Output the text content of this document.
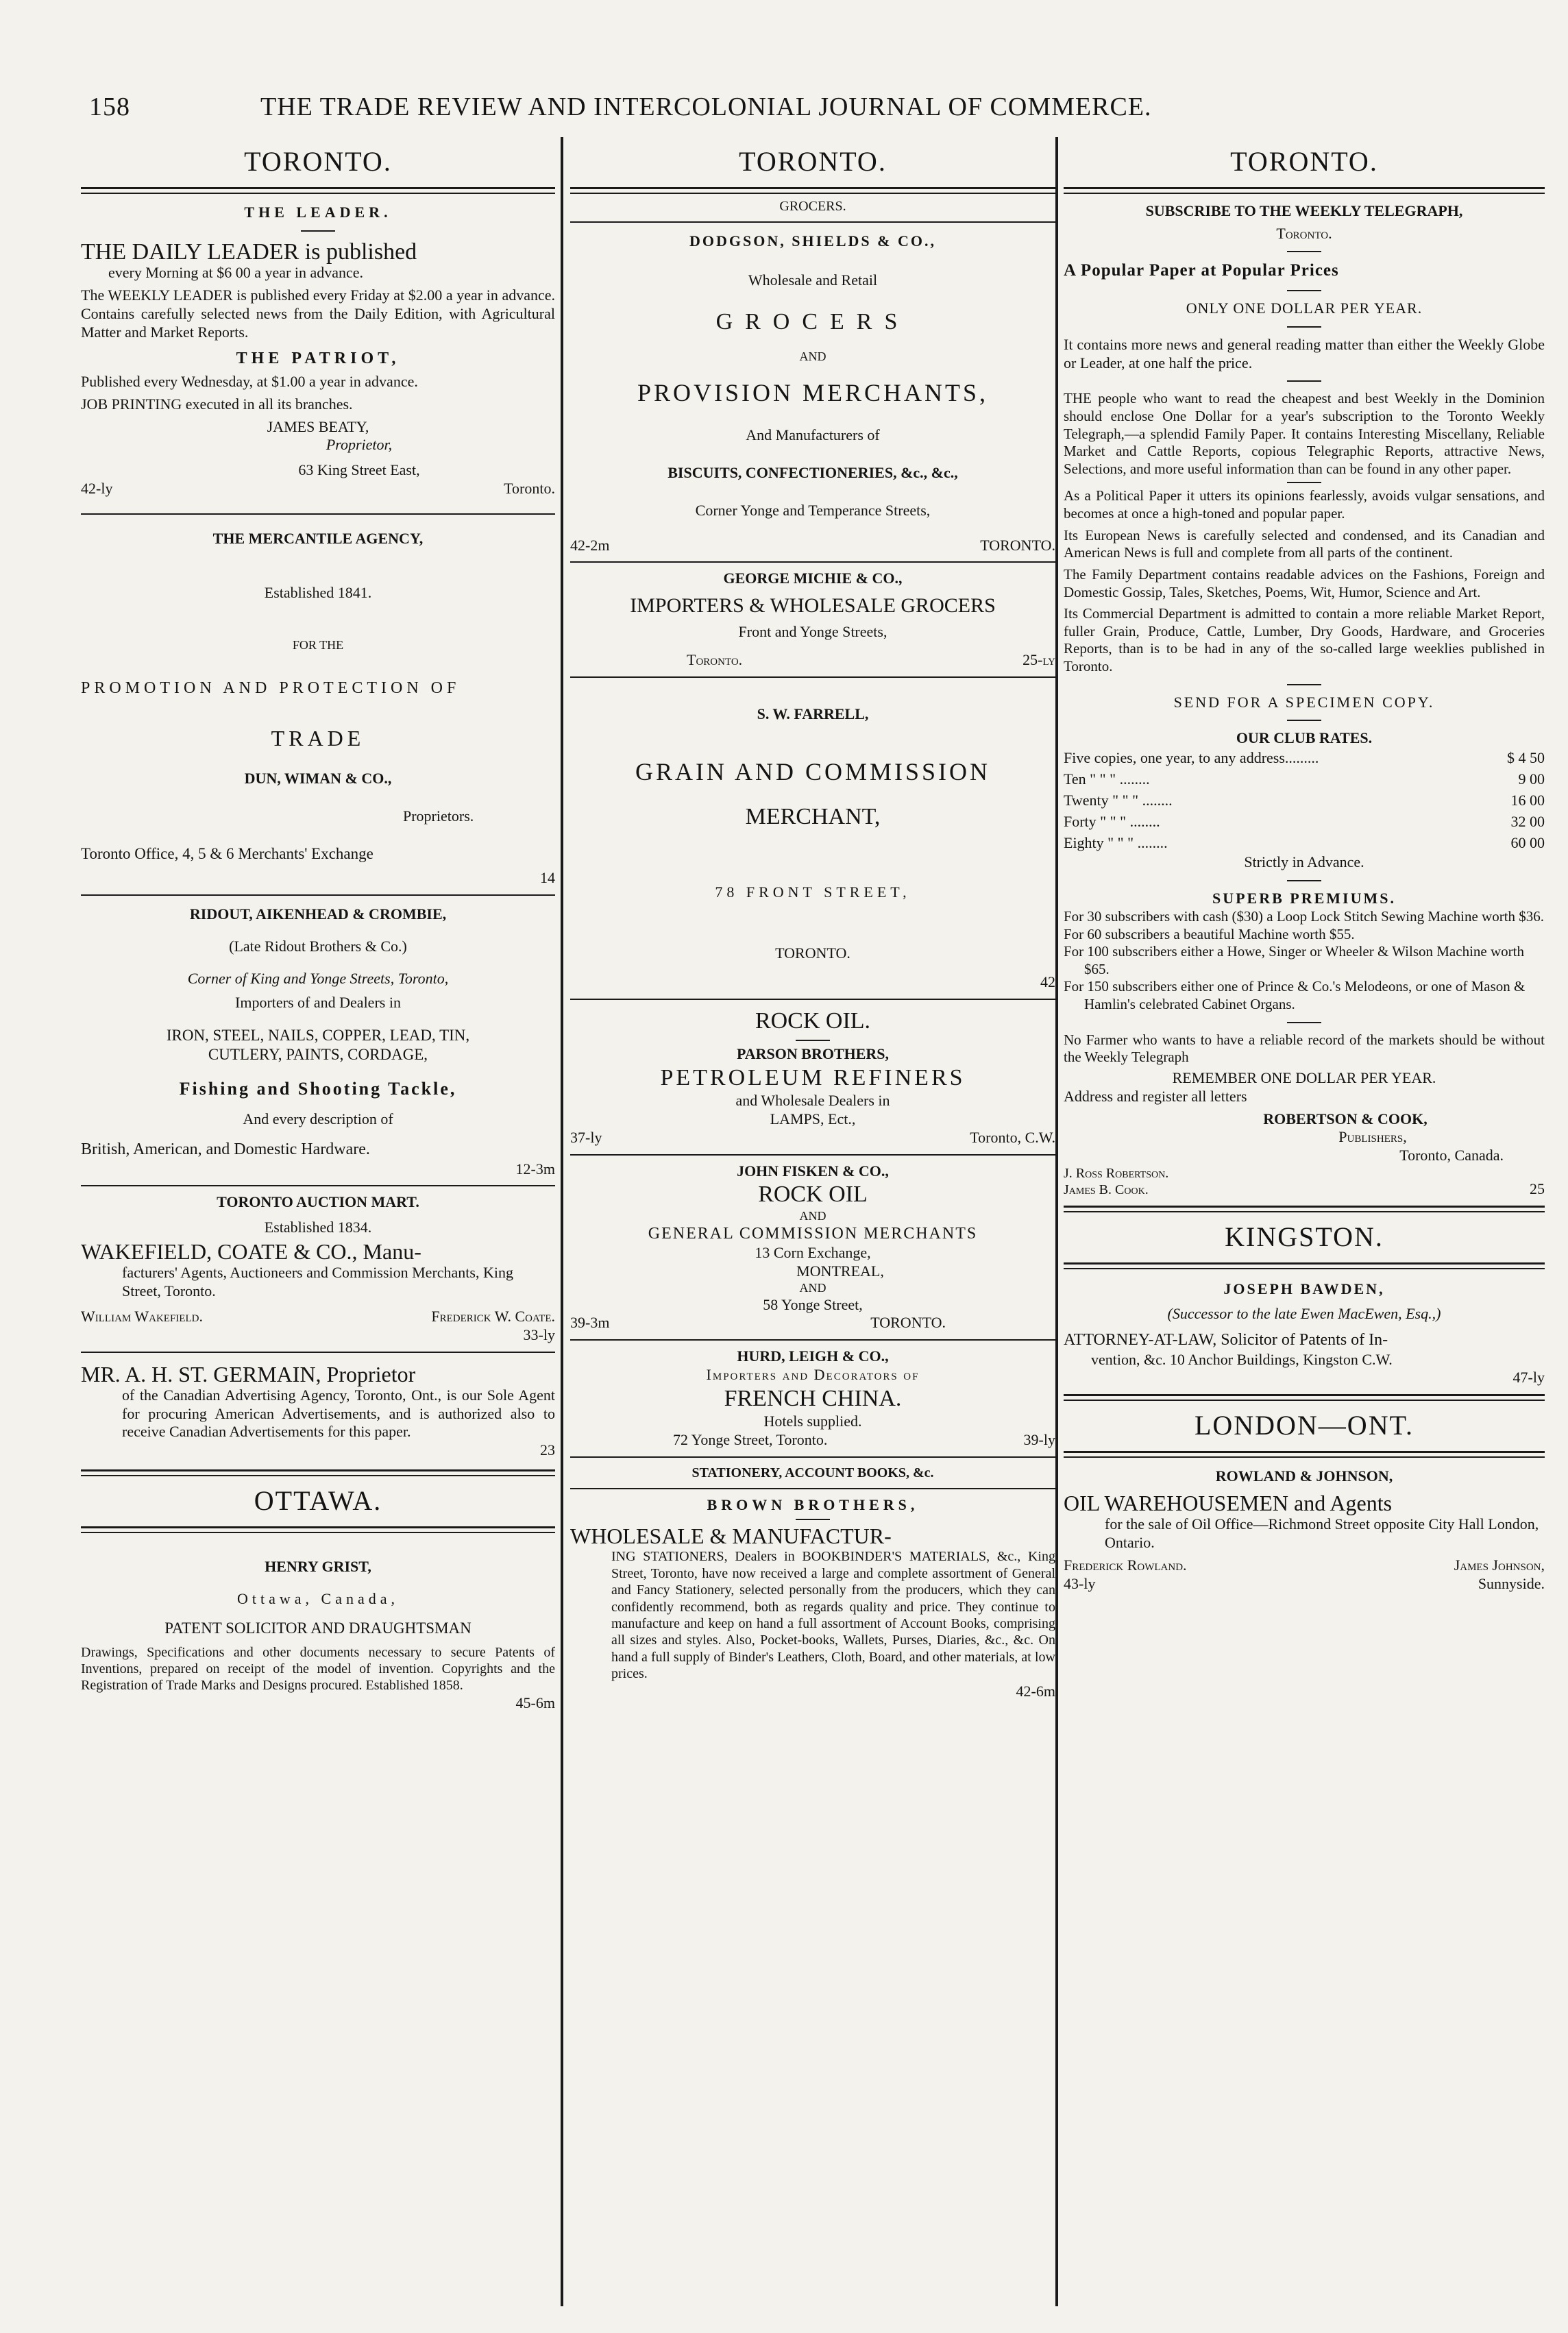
158	THE TRADE REVIEW AND INTERCOLONIAL JOURNAL OF COMMERCE.
TORONTO.
THE LEADER.
THE DAILY LEADER is published
every Morning at $6 00 a year in advance.
The WEEKLY LEADER is published every Friday at $2.00 a year in advance. Contains carefully selected news from the Daily Edition, with Agricultural Matter and Market Reports.
THE PATRIOT,
Published every Wednesday, at $1.00 a year in advance.
JOB PRINTING executed in all its branches.
JAMES BEATY,
Proprietor,
63 King Street East,
42-ly	Toronto.
THE MERCANTILE AGENCY,
Established 1841.
FOR THE
PROMOTION AND PROTECTION OF
TRADE
DUN, WIMAN & CO.,
Proprietors.
Toronto Office, 4, 5 & 6 Merchants' Exchange
14
RIDOUT, AIKENHEAD & CROMBIE,
(Late Ridout Brothers & Co.)
Corner of King and Yonge Streets, Toronto,
Importers of and Dealers in
IRON, STEEL, NAILS, COPPER, LEAD, TIN,
CUTLERY, PAINTS, CORDAGE,
Fishing and Shooting Tackle,
And every description of
British, American, and Domestic Hardware.
12-3m
TORONTO AUCTION MART.
Established 1834.
WAKEFIELD, COATE & CO., Manu-
facturers' Agents, Auctioneers and Commission Merchants, King Street, Toronto.
William Wakefield.	Frederick W. Coate.
33-ly
MR. A. H. ST. GERMAIN, Proprietor
of the Canadian Advertising Agency, Toronto, Ont., is our Sole Agent for procuring American Advertisements, and is authorized also to receive Canadian Advertisements for this paper.
23
OTTAWA.
HENRY GRIST,
Ottawa, Canada,
PATENT SOLICITOR AND DRAUGHTSMAN
Drawings, Specifications and other documents necessary to secure Patents of Inventions, prepared on receipt of the model of invention. Copyrights and the Registration of Trade Marks and Designs procured. Established 1858.
45-6m
TORONTO.
GROCERS.
DODGSON, SHIELDS & CO.,
Wholesale and Retail
GROCERS
AND
PROVISION MERCHANTS,
And Manufacturers of
BISCUITS, CONFECTIONERIES, &c., &c.,
Corner Yonge and Temperance Streets,
42-2m	TORONTO.
GEORGE MICHIE & CO.,
IMPORTERS & WHOLESALE GROCERS
Front and Yonge Streets,
Toronto.	25-ly
S. W. FARRELL,
GRAIN AND COMMISSION
MERCHANT,
78 FRONT STREET,
TORONTO.
42
ROCK OIL.
PARSON BROTHERS,
PETROLEUM REFINERS
and Wholesale Dealers in
LAMPS, Ect.,
37-ly	Toronto, C.W.
JOHN FISKEN & CO.,
ROCK OIL
AND
GENERAL COMMISSION MERCHANTS
13 Corn Exchange,
MONTREAL,
AND
58 Yonge Street,
39-3m	TORONTO.
HURD, LEIGH & CO.,
Importers and Decorators of
FRENCH CHINA.
Hotels supplied.
72 Yonge Street, Toronto.	39-ly
STATIONERY, ACCOUNT BOOKS, &c.
BROWN BROTHERS,
WHOLESALE & MANUFACTUR-
ING STATIONERS, Dealers in BOOKBINDER'S MATERIALS, &c., King Street, Toronto, have now received a large and complete assortment of General and Fancy Stationery, selected personally from the producers, which they can confidently recommend, both as regards quality and price. They continue to manufacture and keep on hand a full assortment of Account Books, comprising all sizes and styles. Also, Pocket-books, Wallets, Purses, Diaries, &c., &c. On hand a full supply of Binder's Leathers, Cloth, Board, and other materials, at low prices.
42-6m
TORONTO.
SUBSCRIBE TO THE WEEKLY TELEGRAPH,
Toronto.
A Popular Paper at Popular Prices
ONLY ONE DOLLAR PER YEAR.
It contains more news and general reading matter than either the Weekly Globe or Leader, at one half the price.
THE people who want to read the cheapest and best Weekly in the Dominion should enclose One Dollar for a year's subscription to the Toronto Weekly Telegraph,—a splendid Family Paper. It contains Interesting Miscellany, Reliable Market and Cattle Reports, copious Telegraphic Reports, attractive News, Selections, and more useful information than can be found in any other paper.
As a Political Paper it utters its opinions fearlessly, avoids vulgar sensations, and becomes at once a high-toned and popular paper.
Its European News is carefully selected and condensed, and its Canadian and American News is full and complete from all parts of the continent.
The Family Department contains readable advices on the Fashions, Foreign and Domestic Gossip, Tales, Sketches, Poems, Wit, Humor, Science and Art.
Its Commercial Department is admitted to contain a more reliable Market Report, fuller Grain, Produce, Cattle, Lumber, Dry Goods, Hardware, and Groceries Reports, than is to be had in any of the so-called large weeklies published in Toronto.
SEND FOR A SPECIMEN COPY.
OUR CLUB RATES.
Five copies, one year, to any address.........	$ 4 50
Ten " " " ........	9 00
Twenty " " " ........	16 00
Forty " " " ........	32 00
Eighty " " " ........	60 00
Strictly in Advance.
SUPERB PREMIUMS.
For 30 subscribers with cash ($30) a Loop Lock Stitch Sewing Machine worth $36.
For 60 subscribers a beautiful Machine worth $55.
For 100 subscribers either a Howe, Singer or Wheeler & Wilson Machine worth $65.
For 150 subscribers either one of Prince & Co.'s Melodeons, or one of Mason & Hamlin's celebrated Cabinet Organs.
No Farmer who wants to have a reliable record of the markets should be without the Weekly Telegraph
REMEMBER ONE DOLLAR PER YEAR.
Address and register all letters
ROBERTSON & COOK,
Publishers,
Toronto, Canada.
J. Ross Robertson.
James B. Cook.	25
KINGSTON.
JOSEPH BAWDEN,
(Successor to the late Ewen MacEwen, Esq.,)
ATTORNEY-AT-LAW, Solicitor of Patents of In-
vention, &c. 10 Anchor Buildings, Kingston C.W.
47-ly
LONDON—ONT.
ROWLAND & JOHNSON,
OIL WAREHOUSEMEN and Agents
for the sale of Oil Office—Richmond Street opposite City Hall London, Ontario.
Frederick Rowland.	James Johnson,
43-ly	Sunnyside.
